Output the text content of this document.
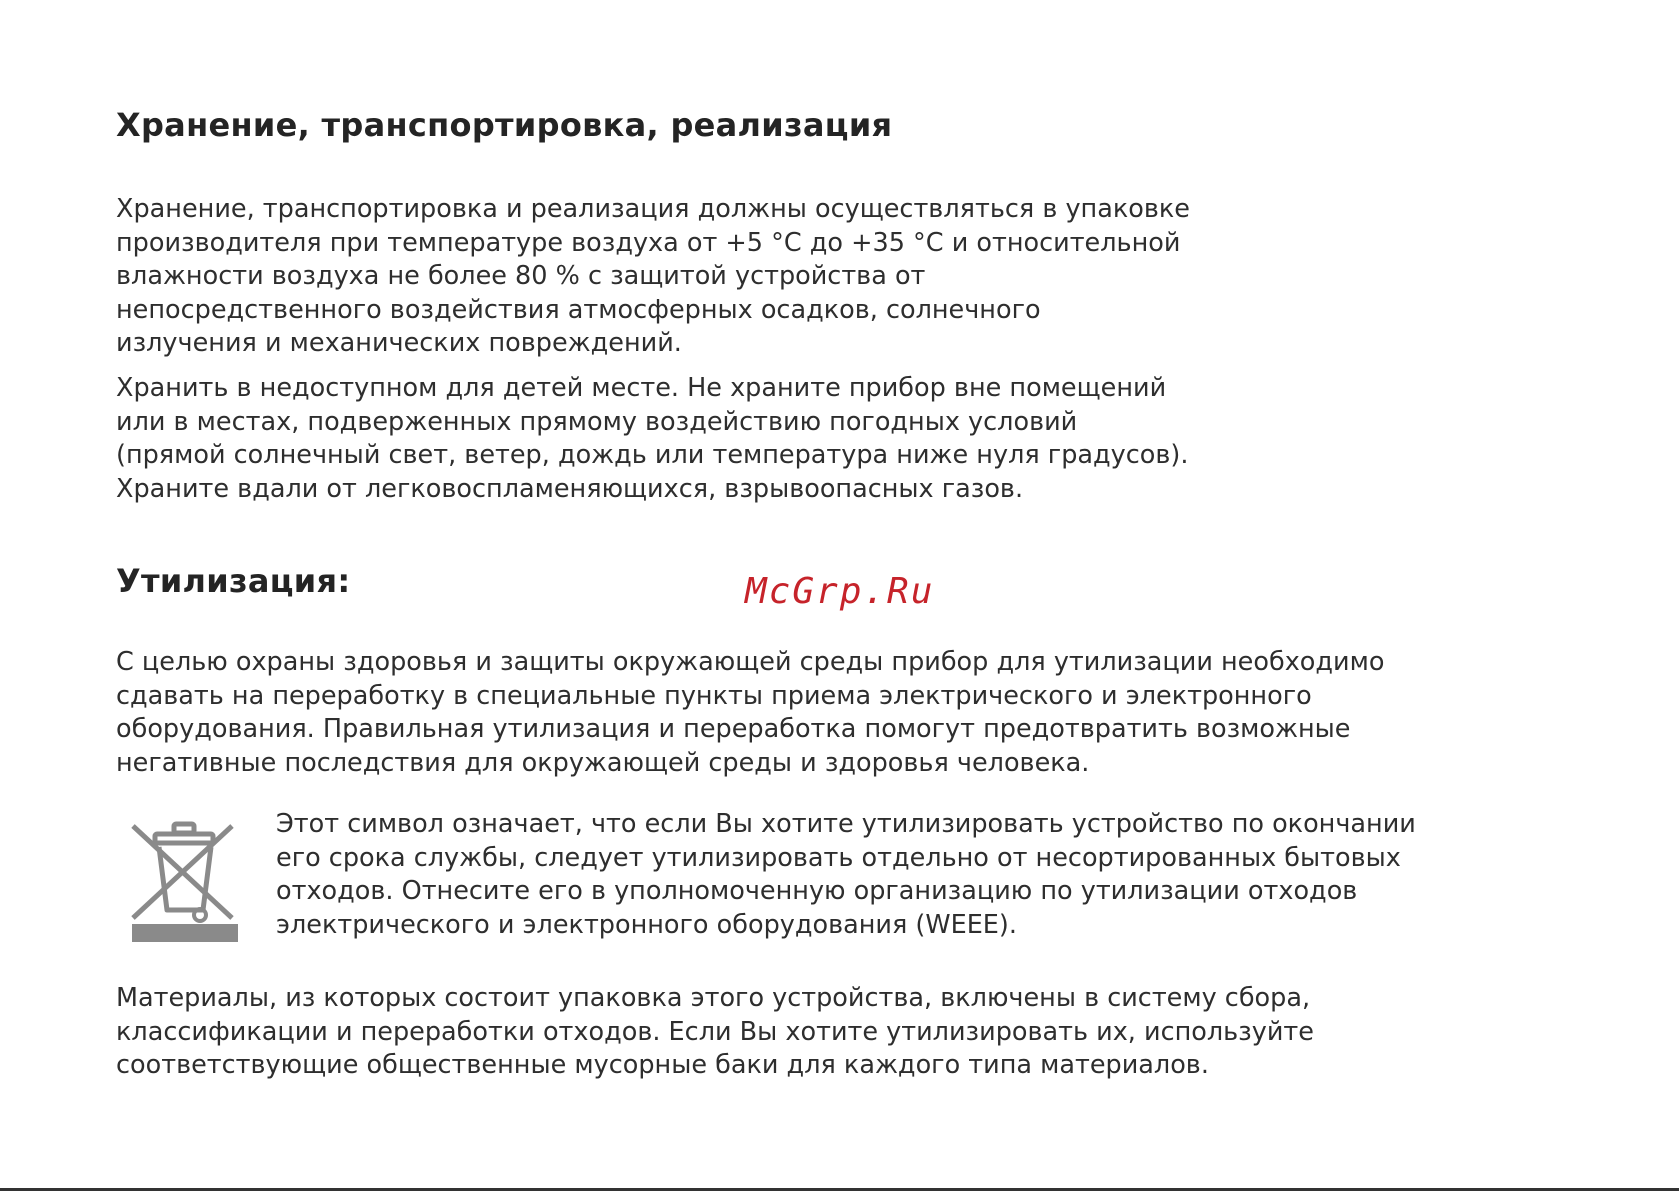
Хранение, транспортировка, реализация

Хранение, транспортировка и реализация должны осуществляться в упаковке
производителя при температуре воздуха от +5 °С до +35 °С и относительной
влажности воздуха не более 80 % с защитой устройства от
непосредственного воздействия атмосферных осадков, солнечного
излучения и механических повреждений.

Хранить в недоступном для детей месте. Не храните прибор вне помещений
или в местах, подверженных прямому воздействию погодных условий
(прямой солнечный свет, ветер, дождь или температура ниже нуля градусов).
Храните вдали от легковоспламеняющихся, взрывоопасных газов.

Утилизация:	McGrp.Ru

С целью охраны здоровья и защиты окружающей среды прибор для утилизации необходимо
сдавать на переработку в специальные пункты приема электрического и электронного
оборудования. Правильная утилизация и переработка помогут предотвратить возможные
негативные последствия для окружающей среды и здоровья человека.

Этот символ означает, что если Вы хотите утилизировать устройство по окончании
его срока службы, следует утилизировать отдельно от несортированных бытовых
отходов. Отнесите его в уполномоченную организацию по утилизации отходов
электрического и электронного оборудования (WEEE).

Материалы, из которых состоит упаковка этого устройства, включены в систему сбора,
классификации и переработки отходов. Если Вы хотите утилизировать их, используйте
соответствующие общественные мусорные баки для каждого типа материалов.
